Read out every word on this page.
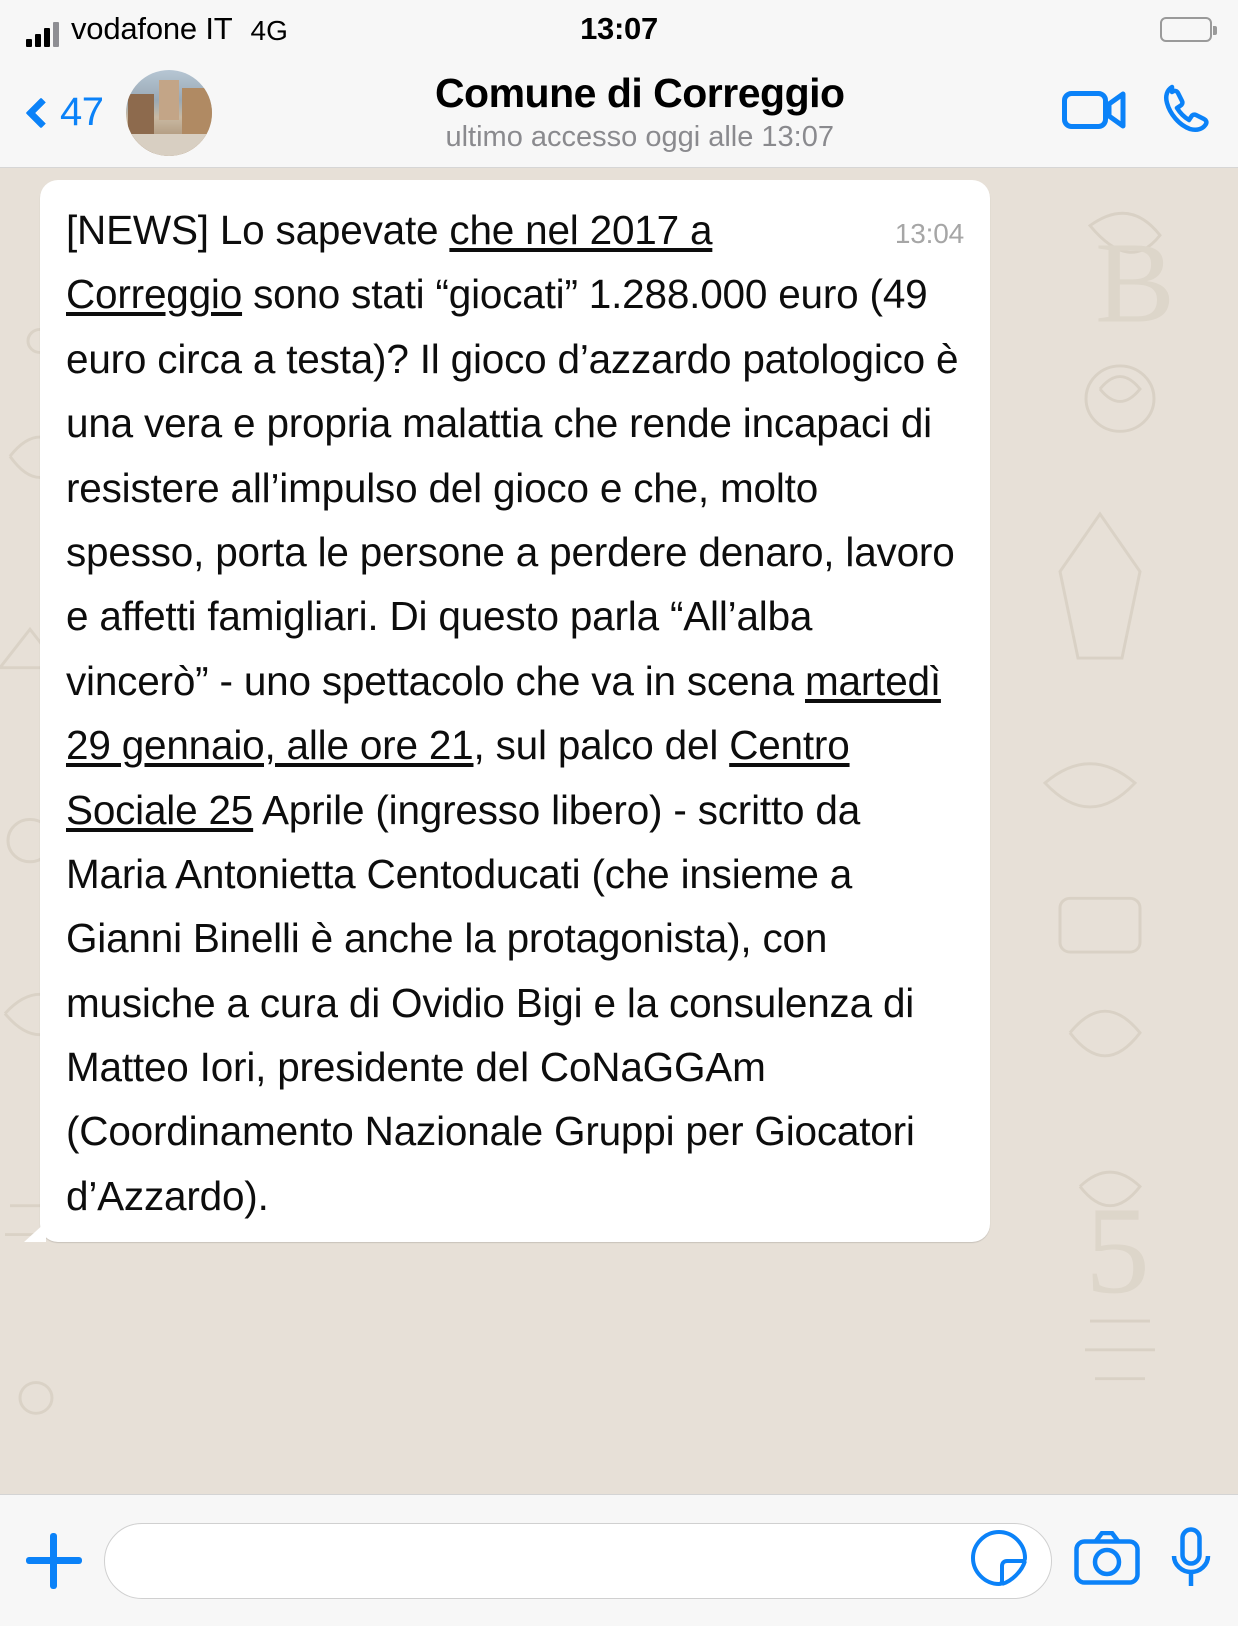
vodafone IT 4G	13:07
47	Comune di Correggio
ultimo accesso oggi alle 13:07
B
5
13:04
[NEWS] Lo sapevate che nel 2017 a Correggio sono stati “giocati” 1.288.000 euro (49 euro circa a testa)? Il gioco d’azzardo patologico è una vera e propria malattia che rende incapaci di resistere all’impulso del gioco e che, molto spesso, porta le persone a perdere denaro, lavoro e affetti famigliari. Di questo parla “All’alba vincerò” - uno spettacolo che va in scena martedì 29 gennaio, alle ore 21, sul palco del Centro Sociale 25 Aprile (ingresso libero) - scritto da Maria Antonietta Centoducati (che insieme a Gianni Binelli è anche la protagonista), con musiche a cura di Ovidio Bigi e la consulenza di Matteo Iori, presidente del CoNaGGAm (Coordinamento Nazionale Gruppi per Giocatori d’Azzardo).
